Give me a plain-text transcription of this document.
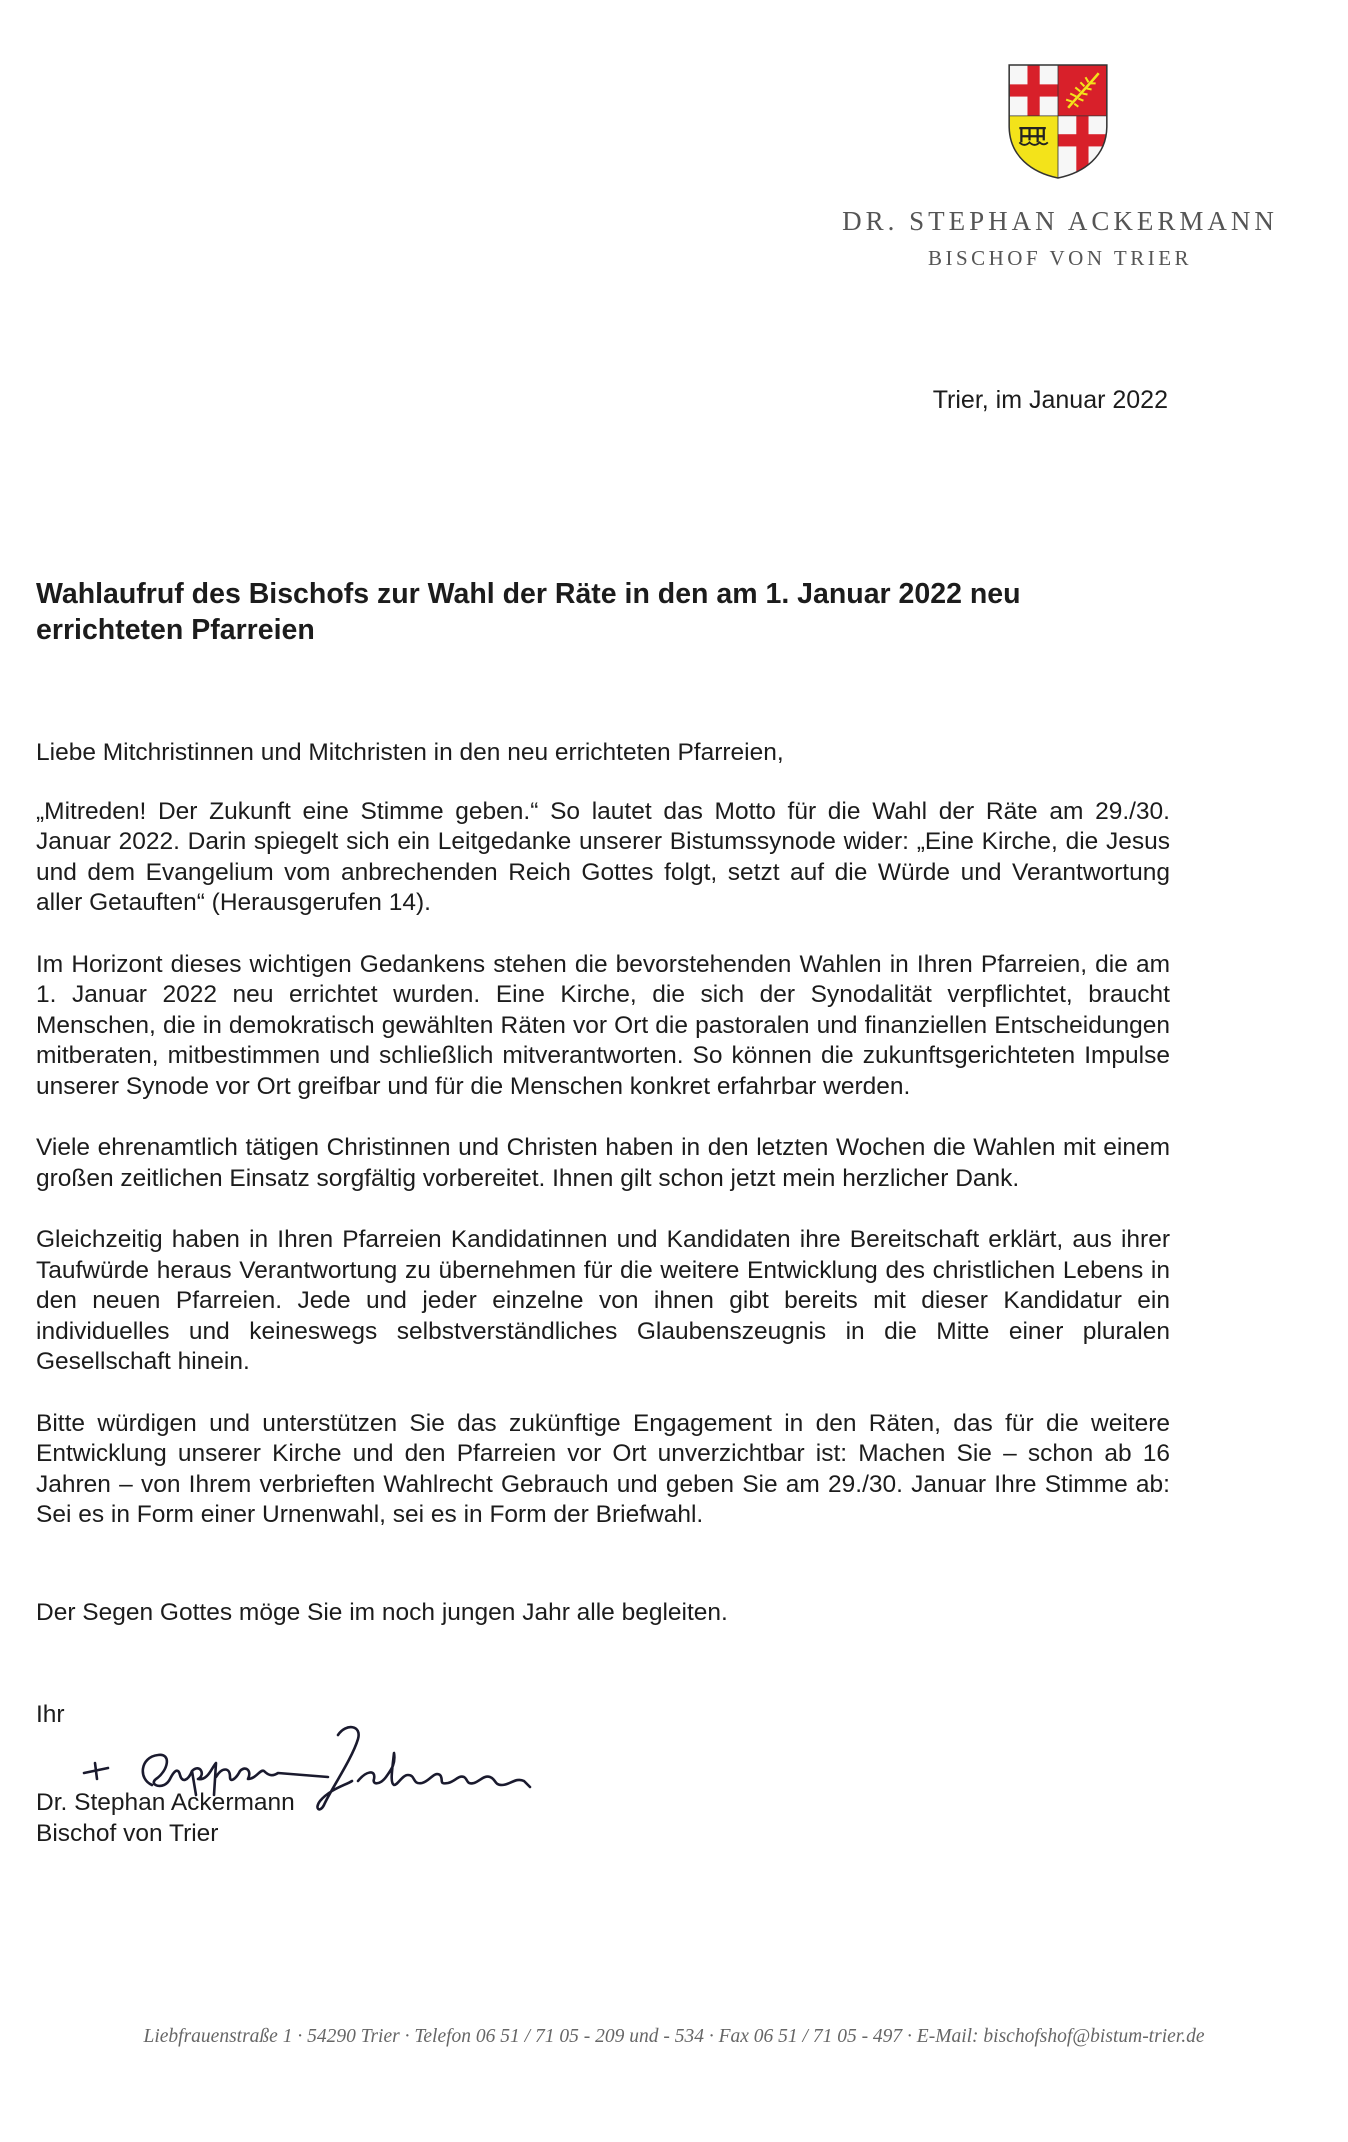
DR. STEPHAN ACKERMANN
BISCHOF VON TRIER
Trier, im Januar 2022
Wahlaufruf des Bischofs zur Wahl der Räte in den am 1. Januar 2022 neu errichteten Pfarreien

Liebe Mitchristinnen und Mitchristen in den neu errichteten Pfarreien,

„Mitreden! Der Zukunft eine Stimme geben.“ So lautet das Motto für die Wahl der Räte am 29./30. Januar 2022. Darin spiegelt sich ein Leitgedanke unserer Bistumssynode wider: „Eine Kirche, die Jesus und dem Evangelium vom anbrechenden Reich Gottes folgt, setzt auf die Würde und Verantwortung aller Getauften“ (Herausgerufen 14).

Im Horizont dieses wichtigen Gedankens stehen die bevorstehenden Wahlen in Ihren Pfarreien, die am 1. Januar 2022 neu errichtet wurden. Eine Kirche, die sich der Synodalität verpflichtet, braucht Menschen, die in demokratisch gewählten Räten vor Ort die pastoralen und finanziellen Entscheidungen mitberaten, mitbestimmen und schließlich mitverantworten. So können die zukunftsgerichteten Impulse unserer Synode vor Ort greifbar und für die Menschen konkret erfahrbar werden.

Viele ehrenamtlich tätigen Christinnen und Christen haben in den letzten Wochen die Wahlen mit einem großen zeitlichen Einsatz sorgfältig vorbereitet. Ihnen gilt schon jetzt mein herzlicher Dank.

Gleichzeitig haben in Ihren Pfarreien Kandidatinnen und Kandidaten ihre Bereitschaft erklärt, aus ihrer Taufwürde heraus Verantwortung zu übernehmen für die weitere Entwicklung des christlichen Lebens in den neuen Pfarreien. Jede und jeder einzelne von ihnen gibt bereits mit dieser Kandidatur ein individuelles und keineswegs selbstverständliches Glaubenszeugnis in die Mitte einer pluralen Gesellschaft hinein.

Bitte würdigen und unterstützen Sie das zukünftige Engagement in den Räten, das für die weitere Entwicklung unserer Kirche und den Pfarreien vor Ort unverzichtbar ist: Machen Sie – schon ab 16 Jahren – von Ihrem verbrieften Wahlrecht Gebrauch und geben Sie am 29./30. Januar Ihre Stimme ab: Sei es in Form einer Urnenwahl, sei es in Form der Briefwahl.

Der Segen Gottes möge Sie im noch jungen Jahr alle begleiten.
Ihr
Dr. Stephan Ackermann
Bischof von Trier
Liebfrauenstraße 1 · 54290 Trier · Telefon 06 51 / 71 05 - 209 und - 534 · Fax 06 51 / 71 05 - 497 · E-Mail: bischofshof@bistum-trier.de
